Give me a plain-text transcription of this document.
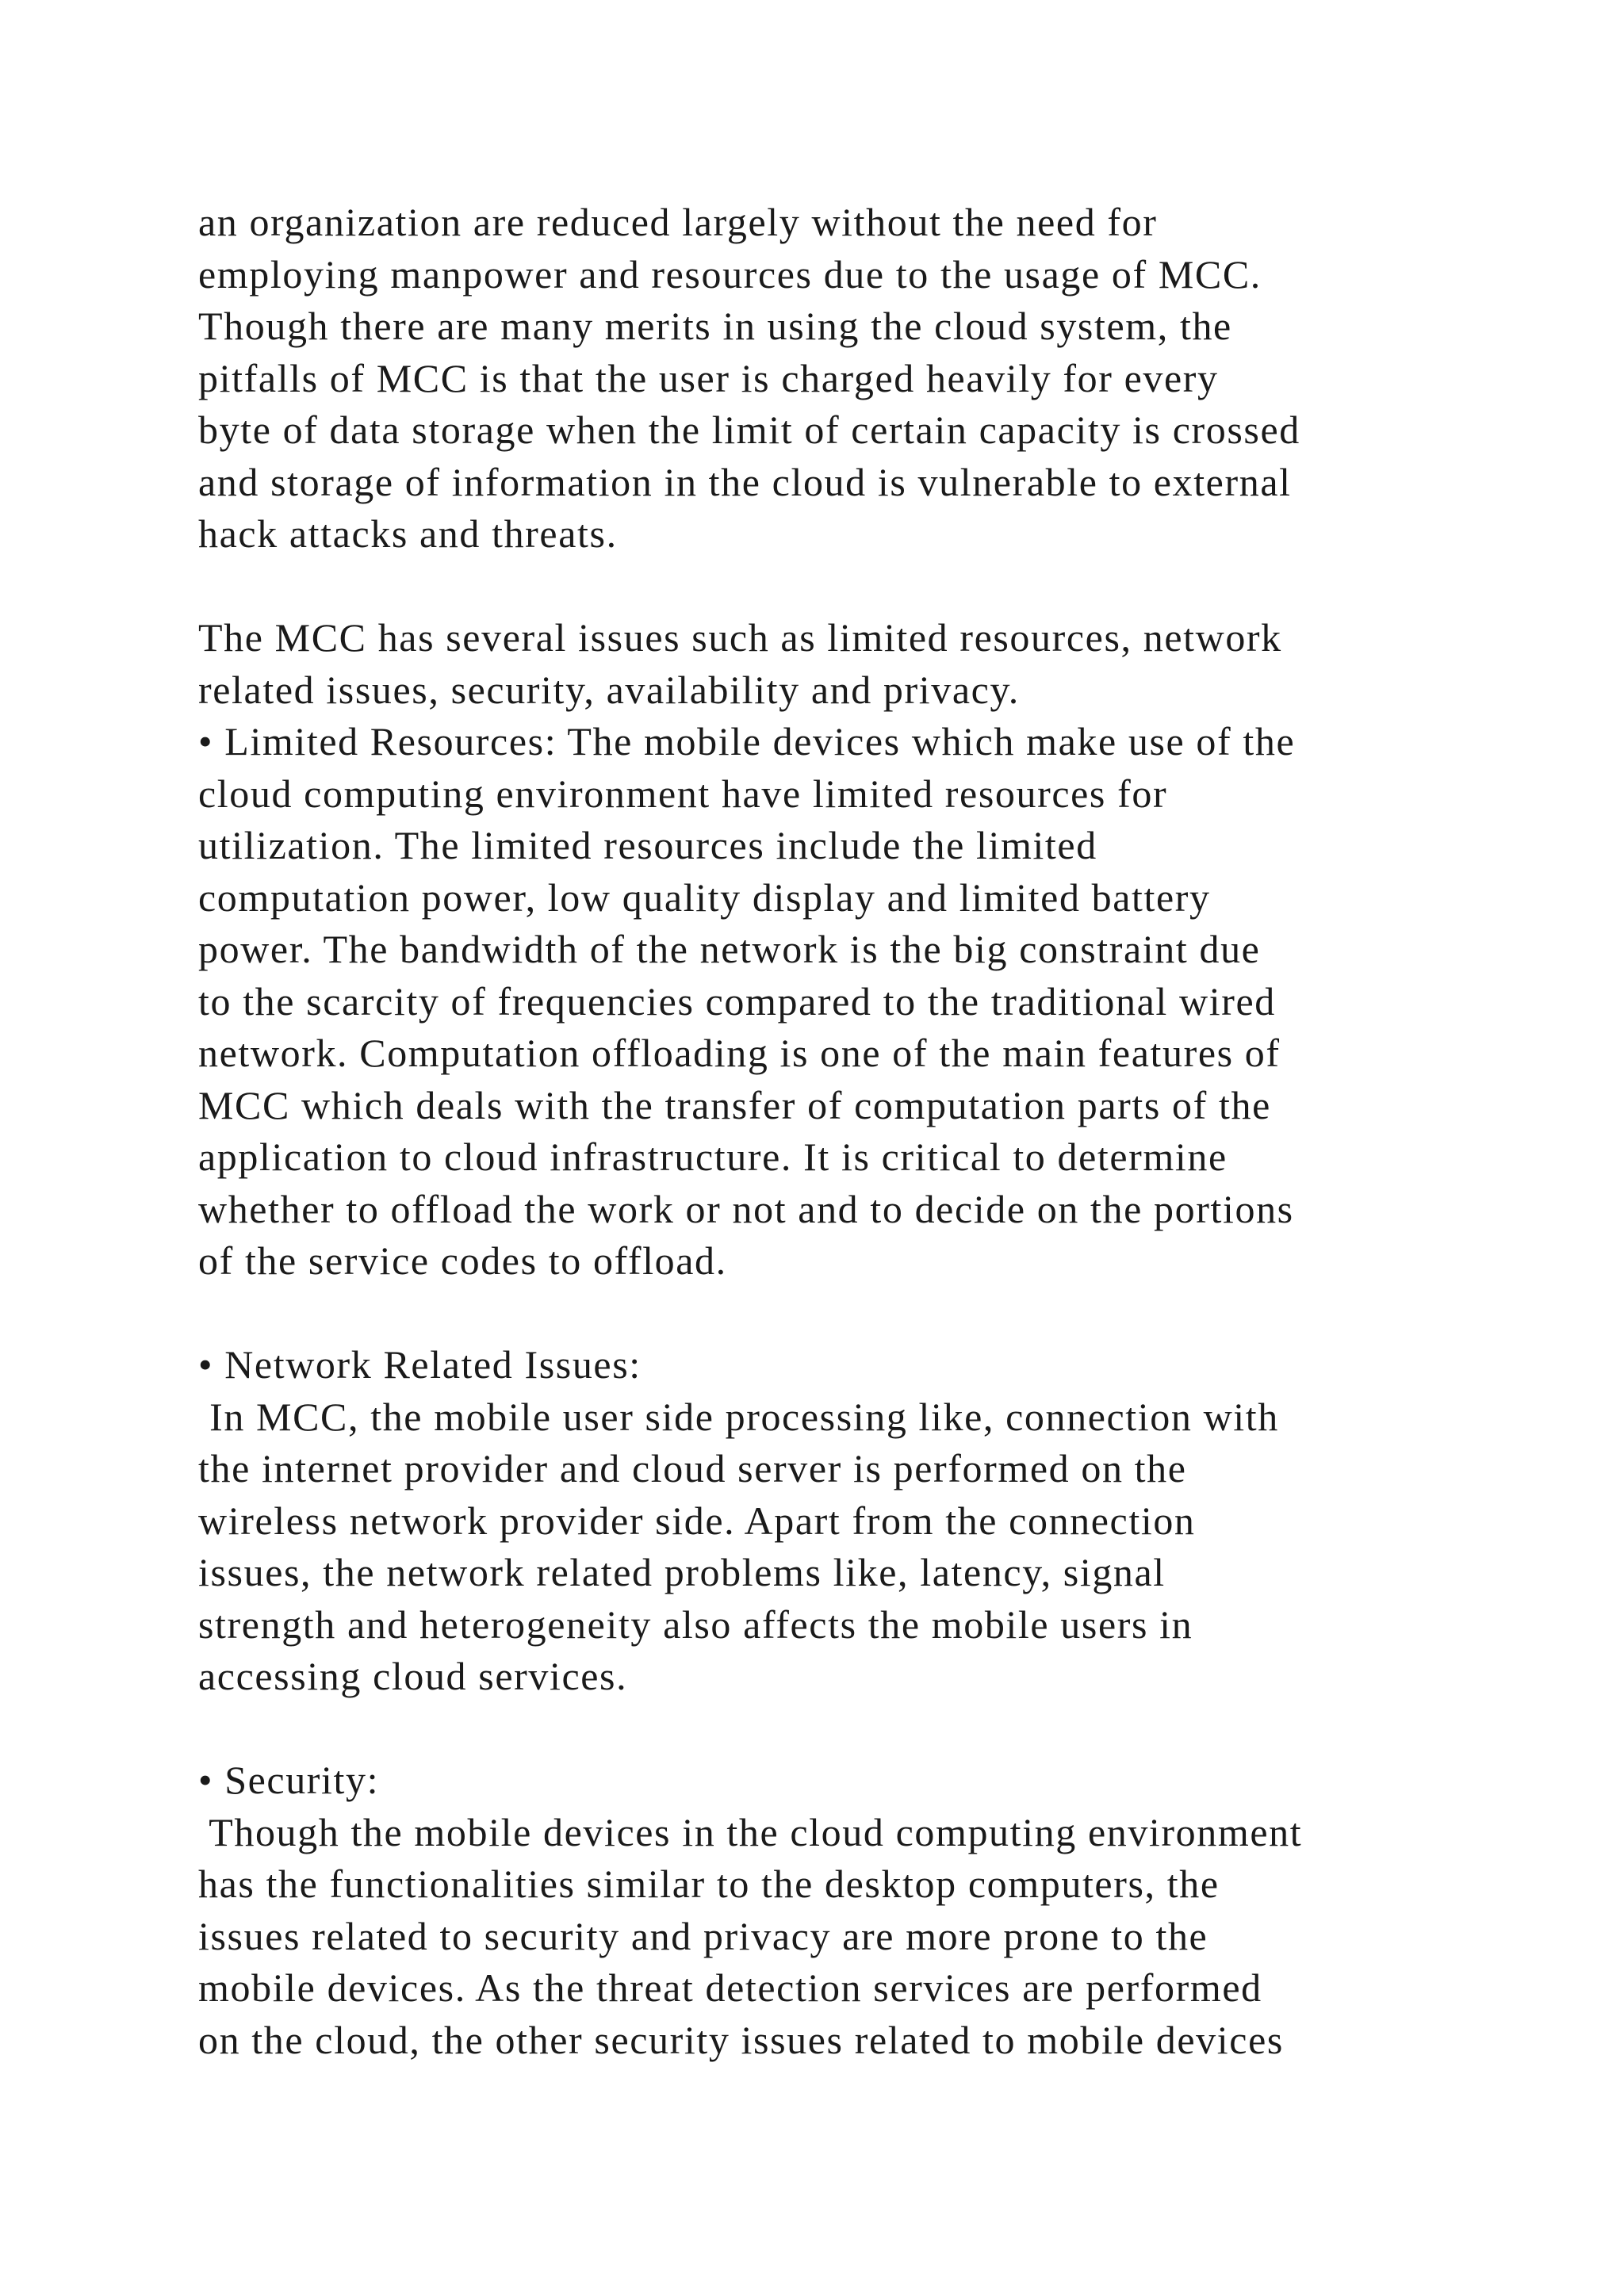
an organization are reduced largely without the need for
employing manpower and resources due to the usage of MCC.
Though there are many merits in using the cloud system, the
pitfalls of MCC is that the user is charged heavily for every
byte of data storage when the limit of certain capacity is crossed
and storage of information in the cloud is vulnerable to external
hack attacks and threats.
The MCC has several issues such as limited resources, network
related issues, security, availability and privacy.
• Limited Resources: The mobile devices which make use of the
cloud computing environment have limited resources for
utilization. The limited resources include the limited
computation power, low quality display and limited battery
power. The bandwidth of the network is the big constraint due
to the scarcity of frequencies compared to the traditional wired
network. Computation offloading is one of the main features of
MCC which deals with the transfer of computation parts of the
application to cloud infrastructure. It is critical to determine
whether to offload the work or not and to decide on the portions
of the service codes to offload.
• Network Related Issues:
In MCC, the mobile user side processing like, connection with
the internet provider and cloud server is performed on the
wireless network provider side. Apart from the connection
issues, the network related problems like, latency, signal
strength and heterogeneity also affects the mobile users in
accessing cloud services.
• Security:
Though the mobile devices in the cloud computing environment
has the functionalities similar to the desktop computers, the
issues related to security and privacy are more prone to the
mobile devices. As the threat detection services are performed
on the cloud, the other security issues related to mobile devices
